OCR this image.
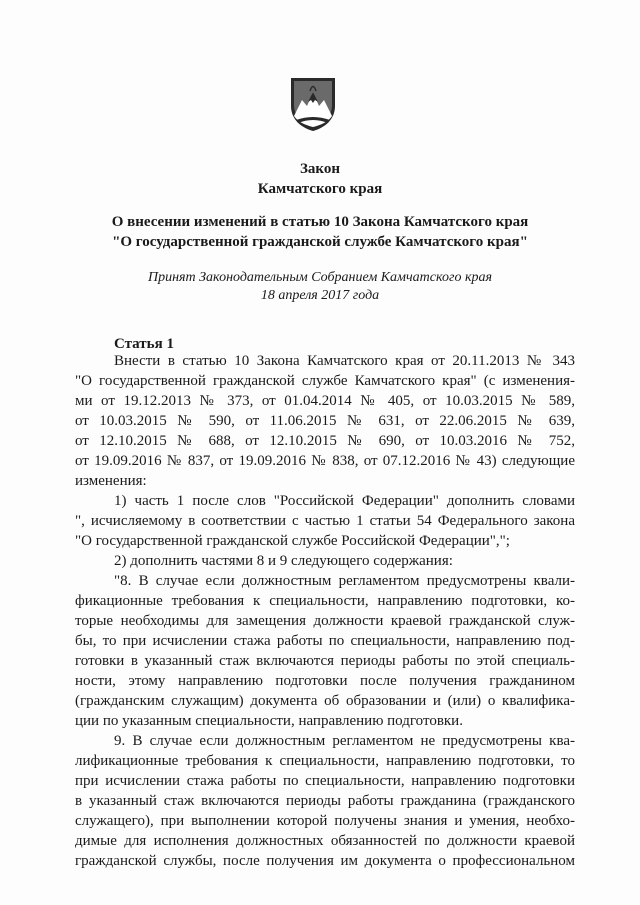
Закон
Камчатского края
О внесении изменений в статью 10 Закона Камчатского края
"О государственной гражданской службе Камчатского края"
Принят Законодательным Собранием Камчатского края
18 апреля 2017 года
Статья 1
Внести в статью 10 Закона Камчатского края от 20.11.2013 № 343
"О государственной гражданской службе Камчатского края" (с изменения-
ми от 19.12.2013 № 373, от 01.04.2014 № 405, от 10.03.2015 № 589,
от 10.03.2015 № 590, от 11.06.2015 № 631, от 22.06.2015 № 639,
от 12.10.2015 № 688, от 12.10.2015 № 690, от 10.03.2016 № 752,
от 19.09.2016 № 837, от 19.09.2016 № 838, от 07.12.2016 № 43) следующие
изменения:
1) часть 1 после слов "Российской Федерации" дополнить словами
", исчисляемому в соответствии с частью 1 статьи 54 Федерального закона
"О государственной гражданской службе Российской Федерации",";
2) дополнить частями 8 и 9 следующего содержания:
"8. В случае если должностным регламентом предусмотрены квали-
фикационные требования к специальности, направлению подготовки, ко-
торые необходимы для замещения должности краевой гражданской служ-
бы, то при исчислении стажа работы по специальности, направлению под-
готовки в указанный стаж включаются периоды работы по этой специаль-
ности, этому направлению подготовки после получения гражданином
(гражданским служащим) документа об образовании и (или) о квалифика-
ции по указанным специальности, направлению подготовки.
9. В случае если должностным регламентом не предусмотрены ква-
лификационные требования к специальности, направлению подготовки, то
при исчислении стажа работы по специальности, направлению подготовки
в указанный стаж включаются периоды работы гражданина (гражданского
служащего), при выполнении которой получены знания и умения, необхо-
димые для исполнения должностных обязанностей по должности краевой
гражданской службы, после получения им документа о профессиональном
